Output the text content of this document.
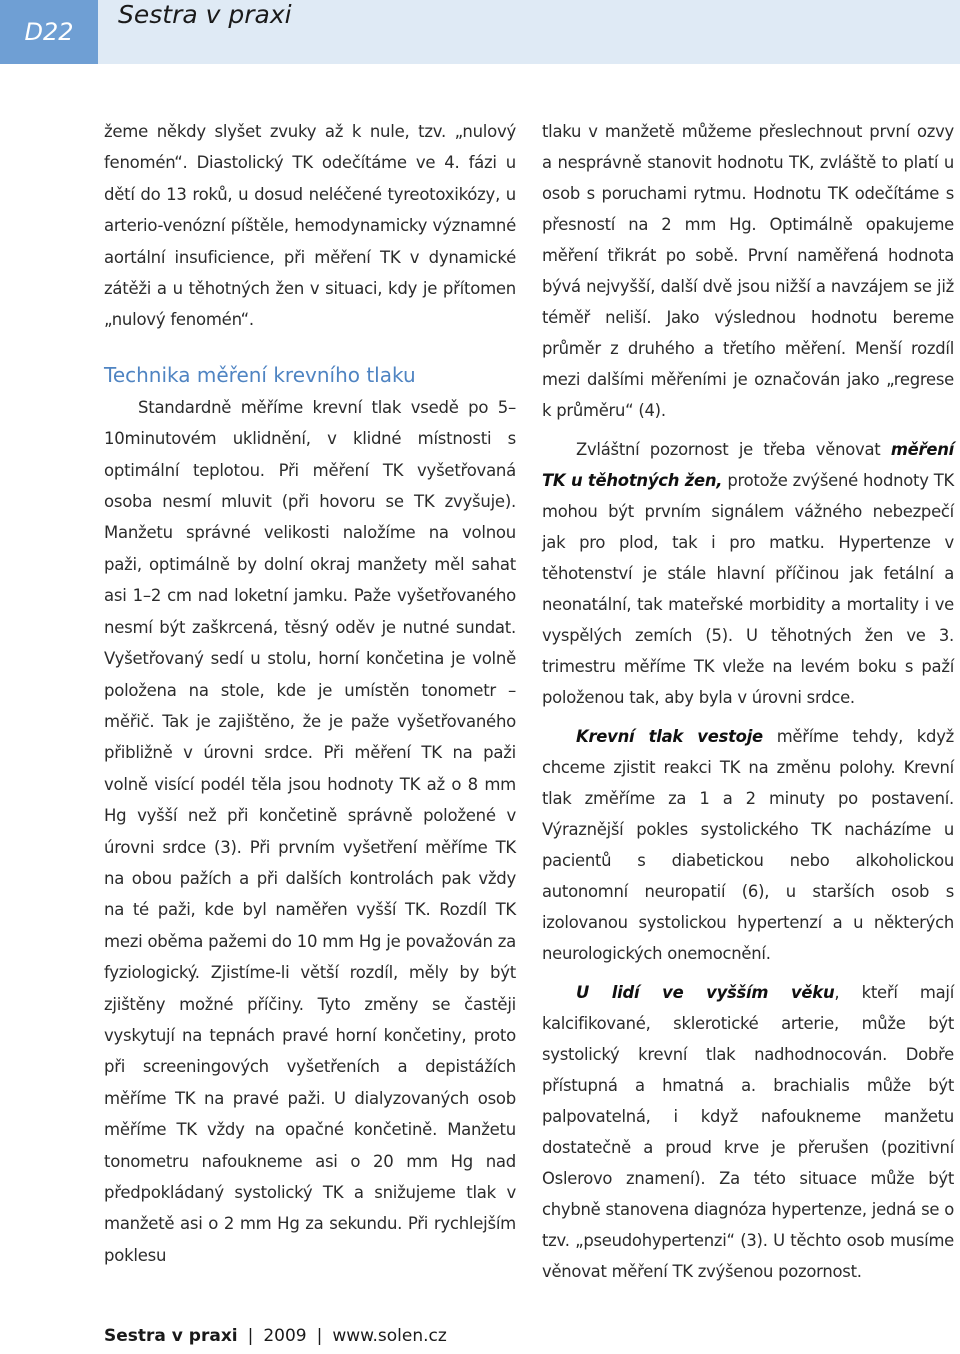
D22
Sestra v praxi

žeme někdy slyšet zvuky až k nule, tzv. „nulový fenomén“. Diastolický TK odečítáme ve 4. fázi u dětí do 13 roků, u dosud neléčené tyreotoxikózy, u arterio-venózní píštěle, hemodynamicky významné aortální insuficience, při měření TK v dynamické zátěži a u těhotných žen v situaci, kdy je přítomen „nulový fenomén“.

Technika měření krevního tlaku

Standardně měříme krevní tlak vsedě po 5–10minutovém uklidnění, v klidné místnosti s optimální teplotou. Při měření TK vyšetřovaná osoba nesmí mluvit (při hovoru se TK zvyšuje). Manžetu správné velikosti naložíme na volnou paži, optimálně by dolní okraj manžety měl sahat asi 1–2 cm nad loketní jamku. Paže vyšetřovaného nesmí být zaškrcená, těsný oděv je nutné sundat. Vyšetřovaný sedí u stolu, horní končetina je volně položena na stole, kde je umístěn tonometr – měřič. Tak je zajištěno, že je paže vyšetřovaného přibližně v úrovni srdce. Při měření TK na paži volně visící podél těla jsou hodnoty TK až o 8 mm Hg vyšší než při končetině správně položené v úrovni srdce (3). Při prvním vyšetření měříme TK na obou pažích a při dalších kontrolách pak vždy na té paži, kde byl naměřen vyšší TK. Rozdíl TK mezi oběma pažemi do 10 mm Hg je považován za fyziologický. Zjistíme-li větší rozdíl, měly by být zjištěny možné příčiny. Tyto změny se častěji vyskytují na tepnách pravé horní končetiny, proto při screeningových vyšetřeních a depistážích měříme TK na pravé paži. U dialyzovaných osob měříme TK vždy na opačné končetině. Manžetu tonometru nafoukneme asi o 20 mm Hg nad předpokládaný systolický TK a snižujeme tlak v manžetě asi o 2 mm Hg za sekundu. Při rychlejším poklesu

tlaku v manžetě můžeme přeslechnout první ozvy a nesprávně stanovit hodnotu TK, zvláště to platí u osob s poruchami rytmu. Hodnotu TK odečítáme s přesností na 2 mm Hg. Optimálně opakujeme měření třikrát po sobě. První naměřená hodnota bývá nejvyšší, další dvě jsou nižší a navzájem se již téměř neliší. Jako výslednou hodnotu bereme průměr z druhého a třetího měření. Menší rozdíl mezi dalšími měřeními je označován jako „regrese k průměru“ (4).

Zvláštní pozornost je třeba věnovat měření TK u těhotných žen, protože zvýšené hodnoty TK mohou být prvním signálem vážného nebezpečí jak pro plod, tak i pro matku. Hypertenze v těhotenství je stále hlavní příčinou jak fetální a neonatální, tak mateřské morbidity a mortality i ve vyspělých zemích (5). U těhotných žen ve 3. trimestru měříme TK vleže na levém boku s paží položenou tak, aby byla v úrovni srdce.

Krevní tlak vestoje měříme tehdy, když chceme zjistit reakci TK na změnu polohy. Krevní tlak změříme za 1 a 2 minuty po postavení. Výraznější pokles systolického TK nacházíme u pacientů s diabetickou nebo alkoholickou autonomní neuropatií (6), u starších osob s izolovanou systolickou hypertenzí a u některých neurologických onemocnění.

U lidí ve vyšším věku, kteří mají kalcifikované, sklerotické arterie, může být systolický krevní tlak nadhodnocován. Dobře přístupná a hmatná a. brachialis může být palpovatelná, i když nafoukneme manžetu dostatečně a proud krve je přerušen (pozitivní Oslerovo znamení). Za této situace může být chybně stanovena diagnóza hypertenze, jedná se o tzv. „pseudohypertenzi“ (3). U těchto osob musíme věnovat měření TK zvýšenou pozornost.

Sestra v praxi | 2009 | www.solen.cz
